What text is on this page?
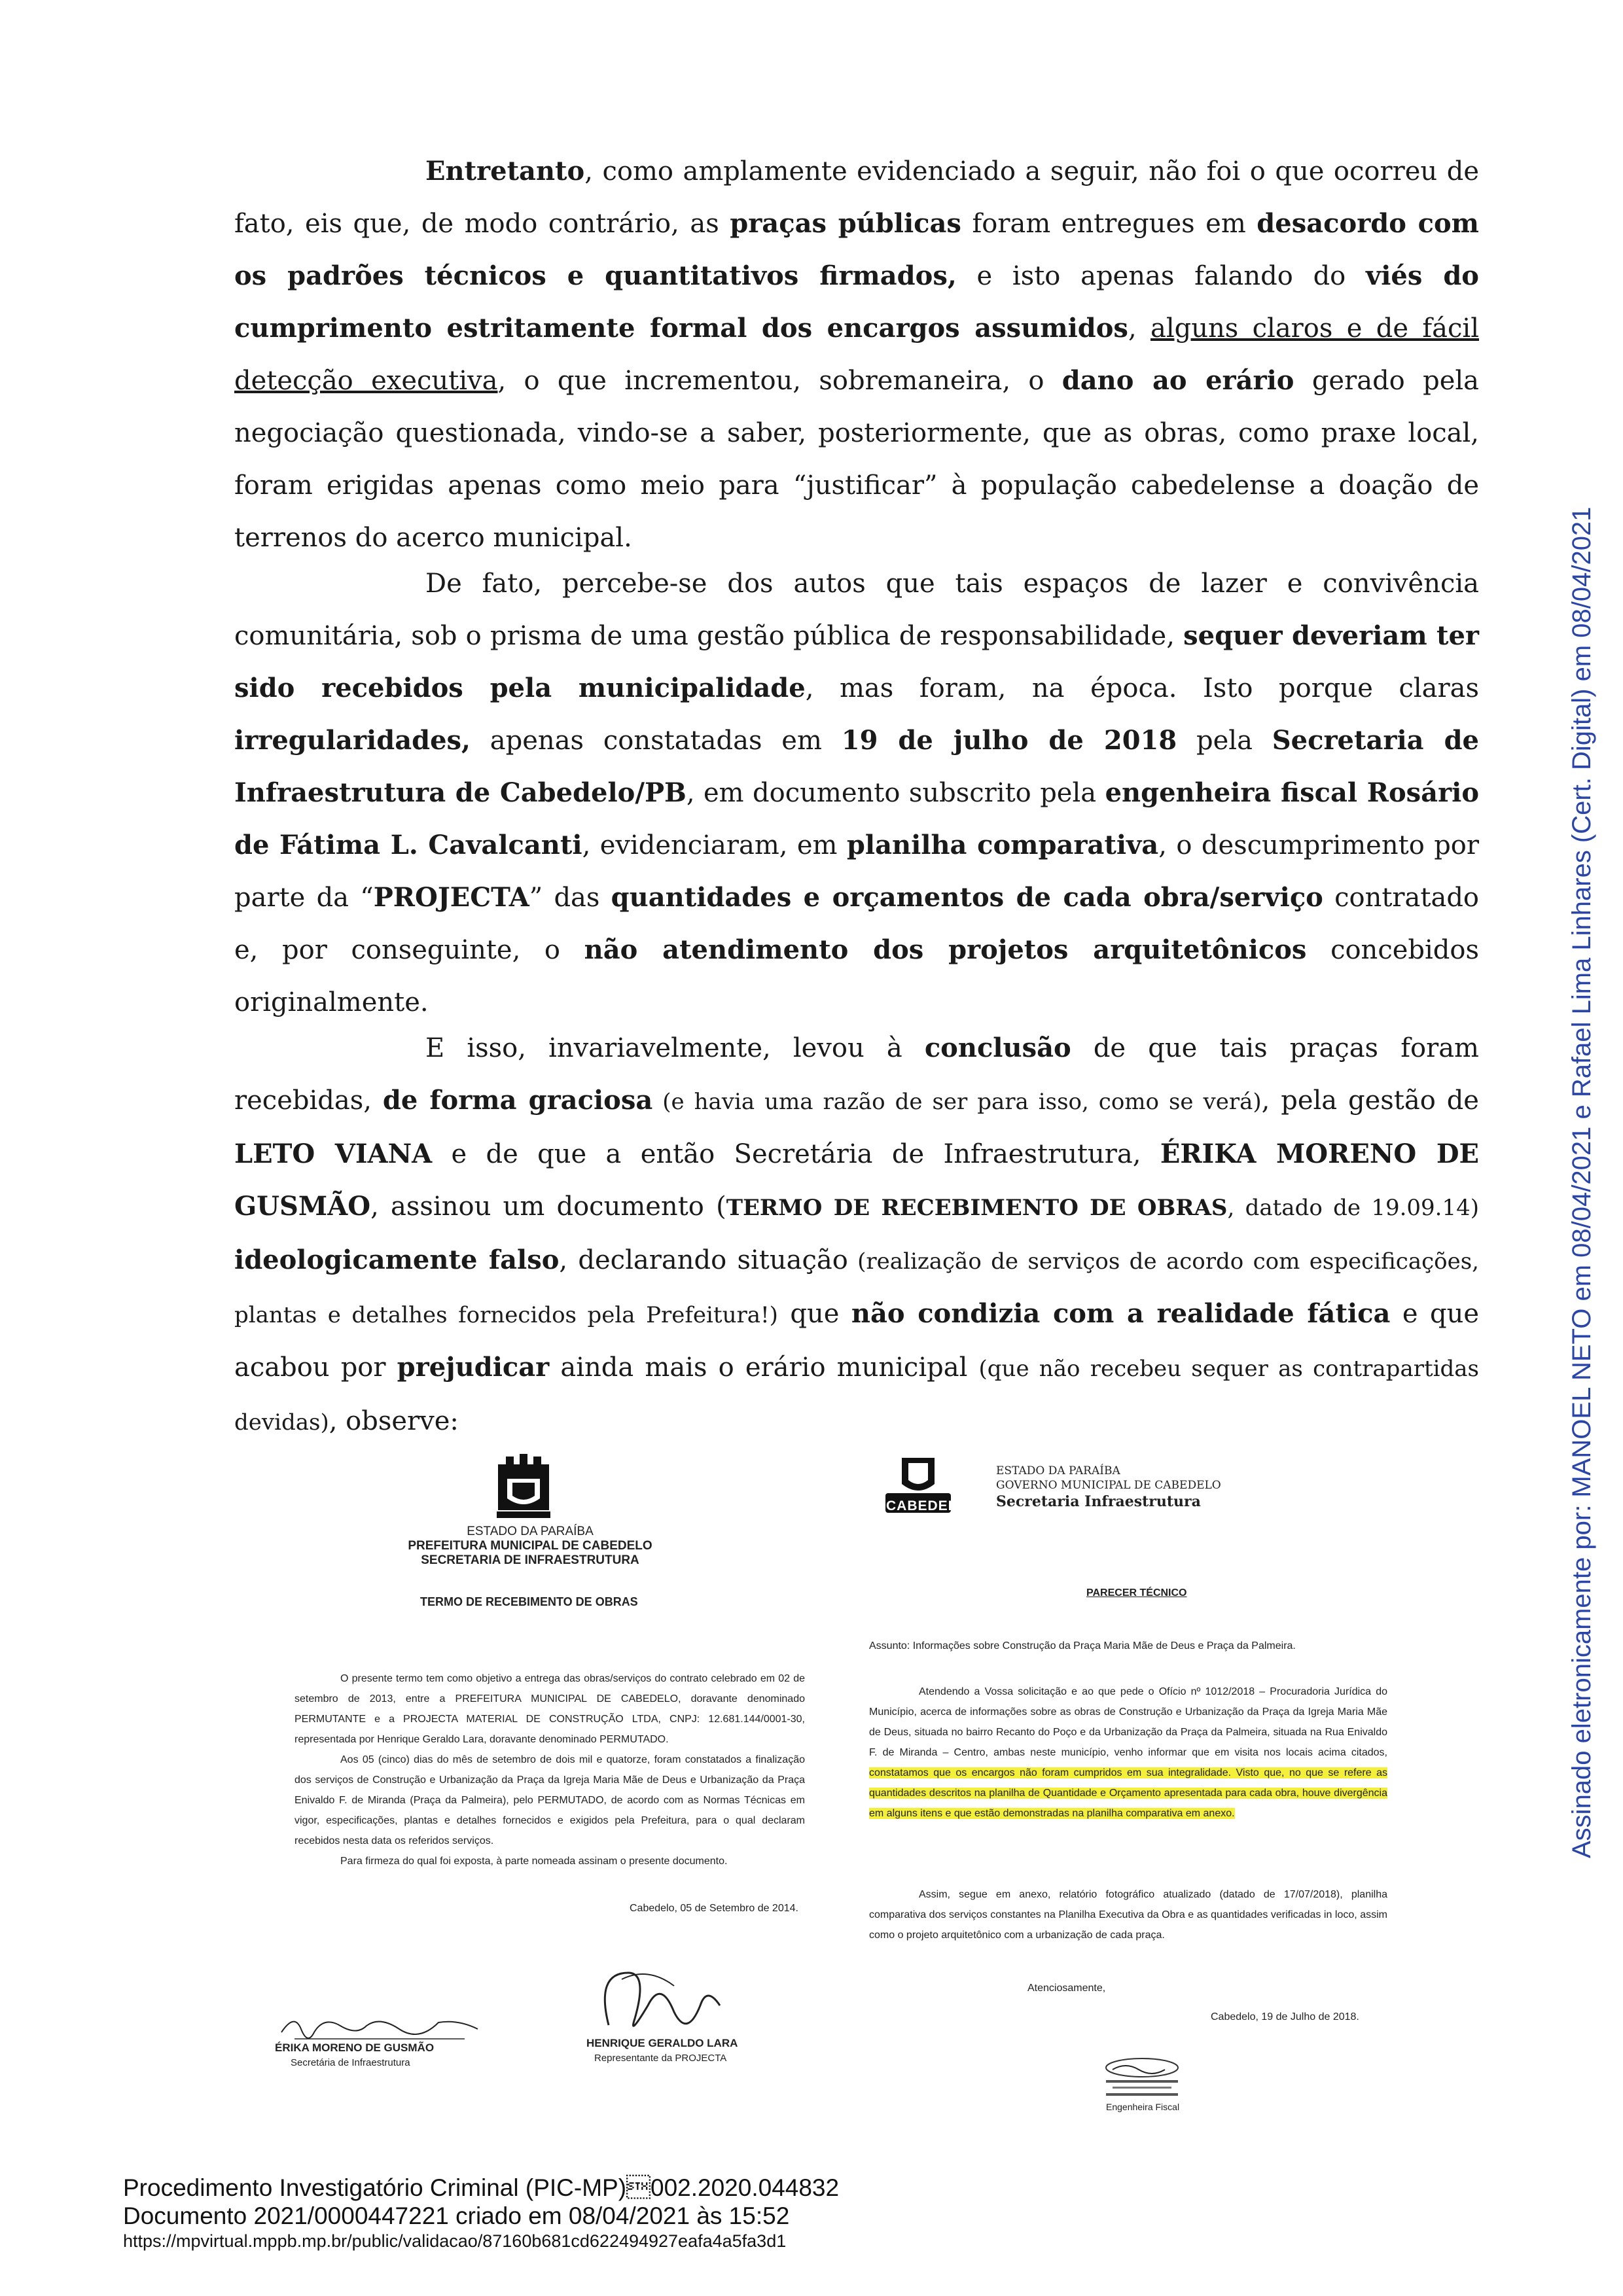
Entretanto, como amplamente evidenciado a seguir, não foi o que ocorreu de fato, eis que, de modo contrário, as praças públicas foram entregues em desacordo com os padrões técnicos e quantitativos firmados, e isto apenas falando do viés do cumprimento estritamente formal dos encargos assumidos, alguns claros e de fácil detecção executiva, o que incrementou, sobremaneira, o dano ao erário gerado pela negociação questionada, vindo-se a saber, posteriormente, que as obras, como praxe local, foram erigidas apenas como meio para “justificar” à população cabedelense a doação de terrenos do acerco municipal.

De fato, percebe-se dos autos que tais espaços de lazer e convivência comunitária, sob o prisma de uma gestão pública de responsabilidade, sequer deveriam ter sido recebidos pela municipalidade, mas foram, na época. Isto porque claras irregularidades, apenas constatadas em 19 de julho de 2018 pela Secretaria de Infraestrutura de Cabedelo/PB, em documento subscrito pela engenheira fiscal Rosário de Fátima L. Cavalcanti, evidenciaram, em planilha comparativa, o descumprimento por parte da “PROJECTA” das quantidades e orçamentos de cada obra/serviço contratado e, por conseguinte, o não atendimento dos projetos arquitetônicos concebidos originalmente.

E isso, invariavelmente, levou à conclusão de que tais praças foram recebidas, de forma graciosa (e havia uma razão de ser para isso, como se verá), pela gestão de LETO VIANA e de que a então Secretária de Infraestrutura, ÉRIKA MORENO DE GUSMÃO, assinou um documento (TERMO DE RECEBIMENTO DE OBRAS, datado de 19.09.14) ideologicamente falso, declarando situação (realização de serviços de acordo com especificações, plantas e detalhes fornecidos pela Prefeitura!) que não condizia com a realidade fática e que acabou por prejudicar ainda mais o erário municipal (que não recebeu sequer as contrapartidas devidas), observe:

ESTADO DA PARAÍBA
PREFEITURA MUNICIPAL DE CABEDELO
SECRETARIA DE INFRAESTRUTURA
TERMO DE RECEBIMENTO DE OBRAS
O presente termo tem como objetivo a entrega das obras/serviços do contrato celebrado em 02 de setembro de 2013, entre a PREFEITURA MUNICIPAL DE CABEDELO, doravante denominado PERMUTANTE e a PROJECTA MATERIAL DE CONSTRUÇÃO LTDA, CNPJ: 12.681.144/0001-30, representada por Henrique Geraldo Lara, doravante denominado PERMUTADO.
Aos 05 (cinco) dias do mês de setembro de dois mil e quatorze, foram constatados a finalização dos serviços de Construção e Urbanização da Praça da Igreja Maria Mãe de Deus e Urbanização da Praça Enivaldo F. de Miranda (Praça da Palmeira), pelo PERMUTADO, de acordo com as Normas Técnicas em vigor, especificações, plantas e detalhes fornecidos e exigidos pela Prefeitura, para o qual declaram recebidos nesta data os referidos serviços.
Para firmeza do qual foi exposta, à parte nomeada assinam o presente documento.
Cabedelo, 05 de Setembro de 2014.
ÉRIKA MORENO DE GUSMÃO
Secretária de Infraestrutura
HENRIQUE GERALDO LARA
Representante da PROJECTA
CABEDELO
ESTADO DA PARAÍBA
GOVERNO MUNICIPAL DE CABEDELO
Secretaria Infraestrutura
PARECER TÉCNICO
Assunto: Informações sobre Construção da Praça Maria Mãe de Deus e Praça da Palmeira.
Atendendo a Vossa solicitação e ao que pede o Ofício nº 1012/2018 – Procuradoria Jurídica do Município, acerca de informações sobre as obras de Construção e Urbanização da Praça da Igreja Maria Mãe de Deus, situada no bairro Recanto do Poço e da Urbanização da Praça da Palmeira, situada na Rua Enivaldo F. de Miranda – Centro, ambas neste município, venho informar que em visita nos locais acima citados, constatamos que os encargos não foram cumpridos em sua integralidade. Visto que, no que se refere as quantidades descritos na planilha de Quantidade e Orçamento apresentada para cada obra, houve divergência em alguns itens e que estão demonstradas na planilha comparativa em anexo.
Assim, segue em anexo, relatório fotográfico atualizado (datado de 17/07/2018), planilha comparativa dos serviços constantes na Planilha Executiva da Obra e as quantidades verificadas in loco, assim como o projeto arquitetônico com a urbanização de cada praça.
Atenciosamente,
Cabedelo, 19 de Julho de 2018.
Engenheira Fiscal
Assinado eletronicamente por: MANOEL NETO em 08/04/2021 e Rafael Lima Linhares (Cert. Digital) em 08/04/2021
Procedimento Investigatório Criminal (PIC-MP)002.2020.044832
Documento 2021/0000447221 criado em 08/04/2021 às 15:52
https://mpvirtual.mppb.mp.br/public/validacao/87160b681cd622494927eafa4a5fa3d1
